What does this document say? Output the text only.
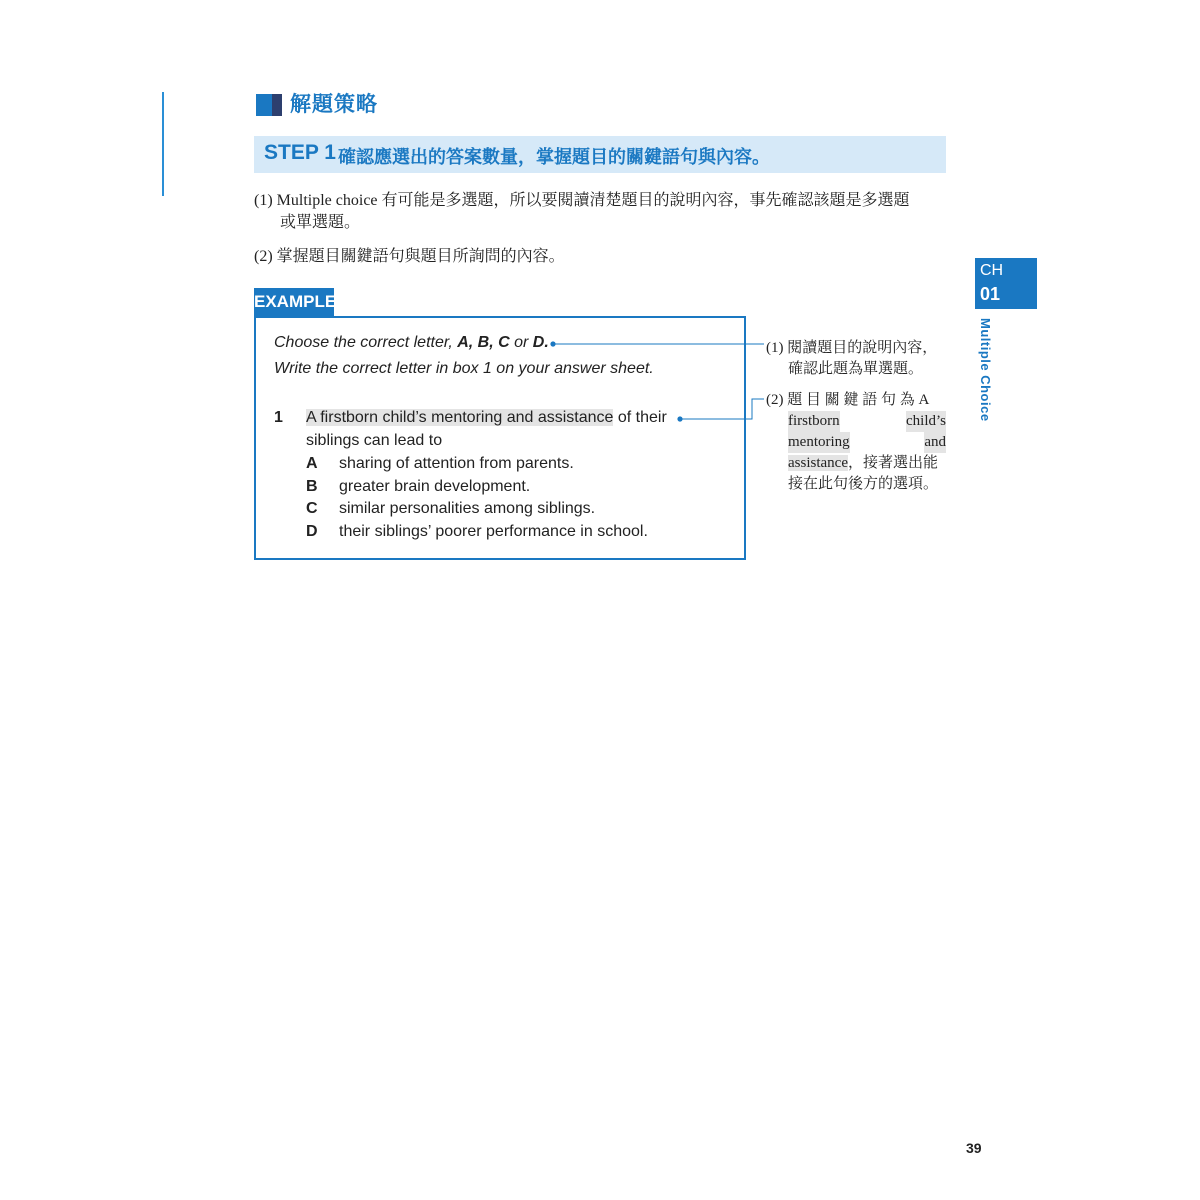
解題策略
STEP 1 確認應選出的答案數量，掌握題目的關鍵語句與內容。
(1) Multiple choice 有可能是多選題，所以要閱讀清楚題目的說明內容，事先確認該題是多選題
或單選題。
(2) 掌握題目關鍵語句與題目所詢問的內容。
EXAMPLE
Choose the correct letter, A, B, C or D.
Write the correct letter in box 1 on your answer sheet.
1 A firstborn child’s mentoring and assistance of their
siblings can lead to
A sharing of attention from parents.
B greater brain development.
C similar personalities among siblings.
D their siblings’ poorer performance in school.
(1) 閱讀題目的說明內容，
確認此題為單選題。
(2) 題 目 關 鍵 語 句 為 A
firstborn	child’s
mentoring	and
assistance，接著選出能
接在此句後方的選項。
CH
01
Multiple Choice
39
